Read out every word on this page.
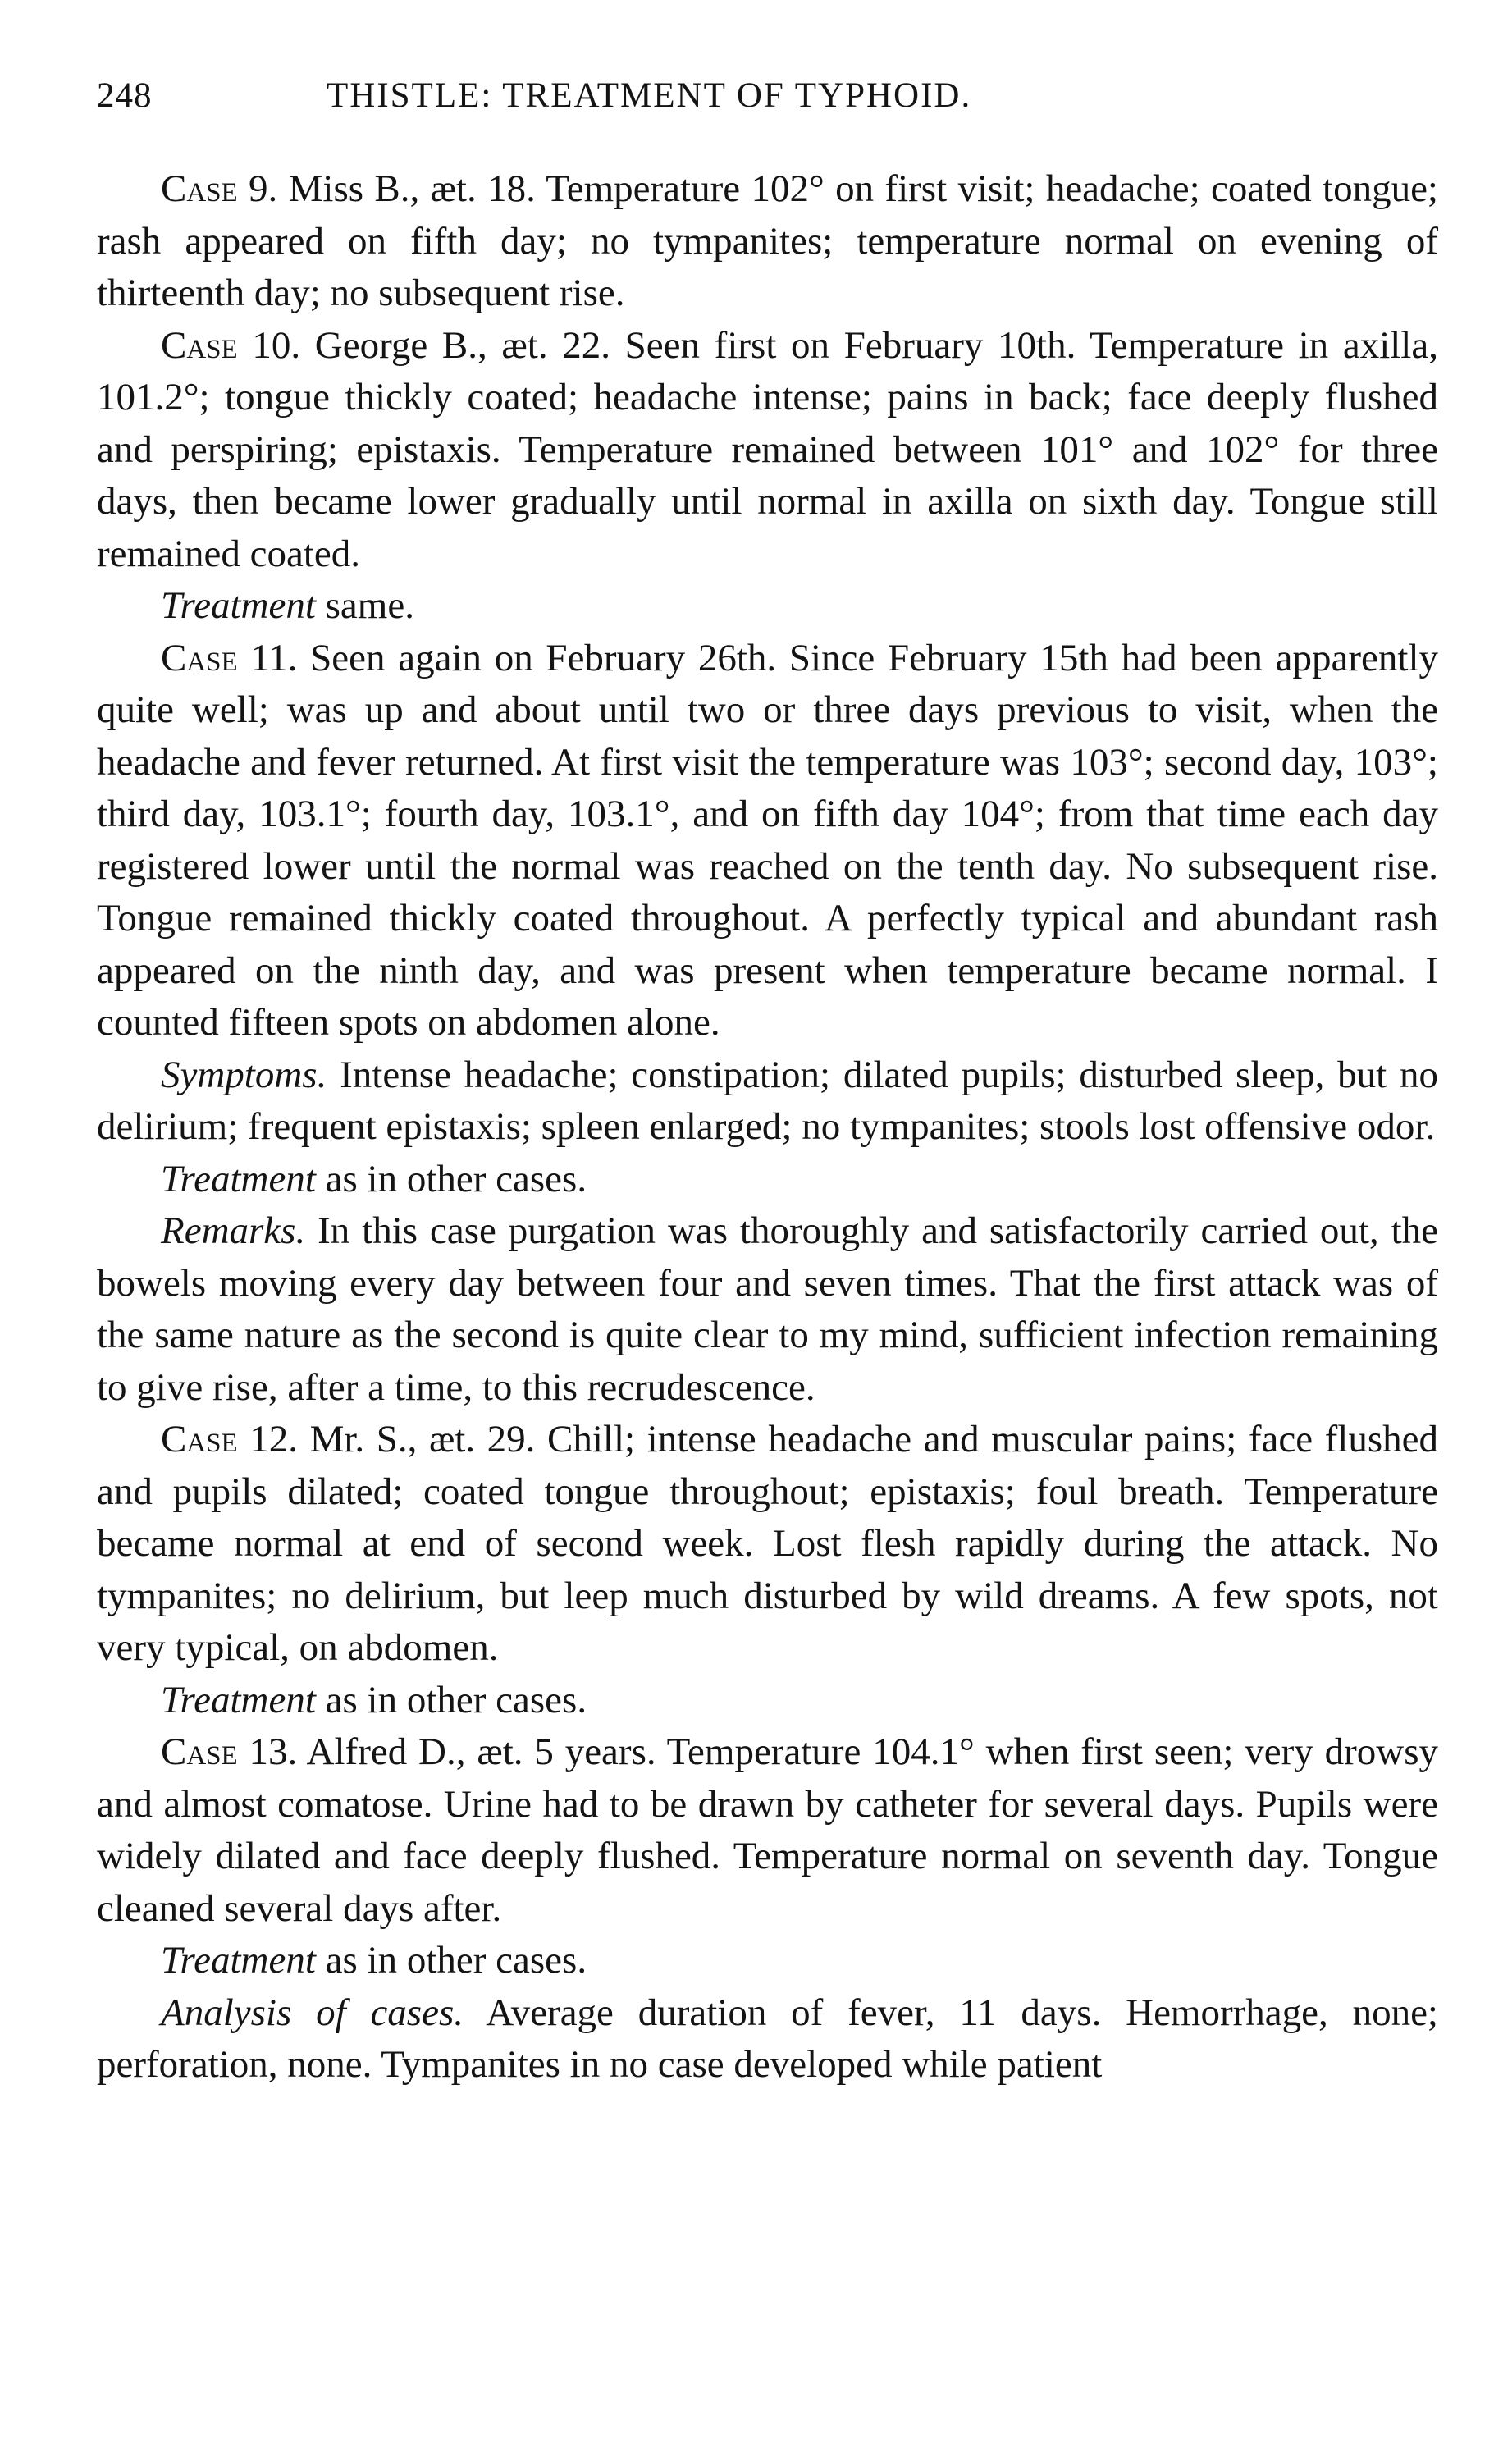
248	THISTLE: TREATMENT OF TYPHOID.

Case 9. Miss B., æt. 18. Temperature 102° on first visit; headache; coated tongue; rash appeared on fifth day; no tympanites; temperature normal on evening of thirteenth day; no subsequent rise.

Case 10. George B., æt. 22. Seen first on February 10th. Temperature in axilla, 101.2°; tongue thickly coated; headache intense; pains in back; face deeply flushed and perspiring; epistaxis. Temperature remained between 101° and 102° for three days, then became lower gradually until normal in axilla on sixth day. Tongue still remained coated.

Treatment same.

Case 11. Seen again on February 26th. Since February 15th had been apparently quite well; was up and about until two or three days previous to visit, when the headache and fever returned. At first visit the temperature was 103°; second day, 103°; third day, 103.1°; fourth day, 103.1°, and on fifth day 104°; from that time each day registered lower until the normal was reached on the tenth day. No subsequent rise. Tongue remained thickly coated throughout. A perfectly typical and abundant rash appeared on the ninth day, and was present when temperature became normal. I counted fifteen spots on abdomen alone.

Symptoms. Intense headache; constipation; dilated pupils; disturbed sleep, but no delirium; frequent epistaxis; spleen enlarged; no tympanites; stools lost offensive odor.

Treatment as in other cases.

Remarks. In this case purgation was thoroughly and satisfactorily carried out, the bowels moving every day between four and seven times. That the first attack was of the same nature as the second is quite clear to my mind, sufficient infection remaining to give rise, after a time, to this recrudescence.

Case 12. Mr. S., æt. 29. Chill; intense headache and muscular pains; face flushed and pupils dilated; coated tongue throughout; epistaxis; foul breath. Temperature became normal at end of second week. Lost flesh rapidly during the attack. No tympanites; no delirium, but leep much disturbed by wild dreams. A few spots, not very typical, on abdomen.

Treatment as in other cases.

Case 13. Alfred D., æt. 5 years. Temperature 104.1° when first seen; very drowsy and almost comatose. Urine had to be drawn by catheter for several days. Pupils were widely dilated and face deeply flushed. Temperature normal on seventh day. Tongue cleaned several days after.

Treatment as in other cases.

Analysis of cases. Average duration of fever, 11 days. Hemorrhage, none; perforation, none. Tympanites in no case developed while patient
